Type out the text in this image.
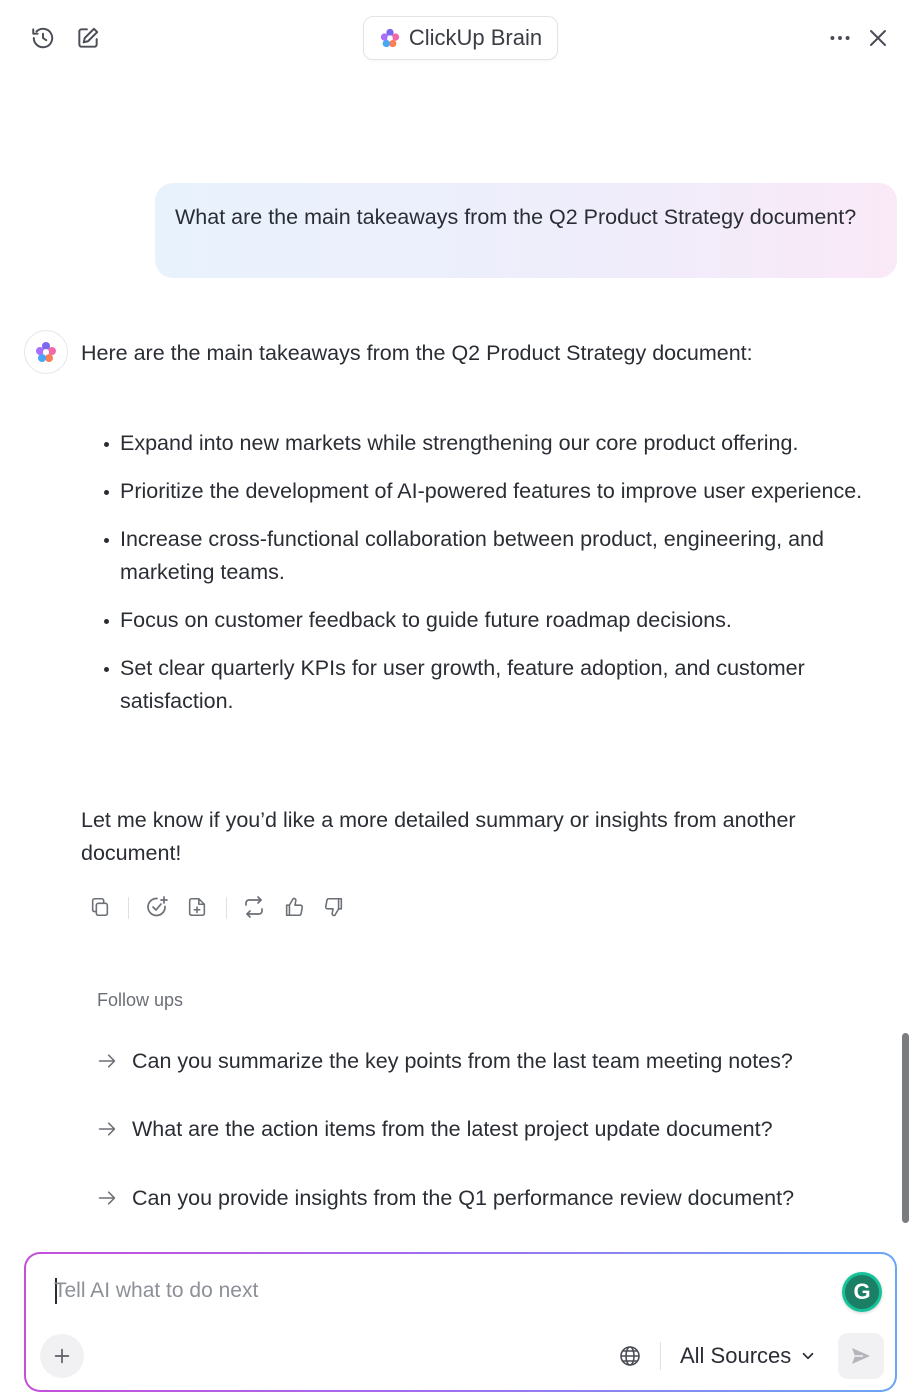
ClickUp Brain
What are the main takeaways from the Q2 Product Strategy document?
Here are the main takeaways from the Q2 Product Strategy document:
Expand into new markets while strengthening our core product offering.
Prioritize the development of AI-powered features to improve user experience.
Increase cross-functional collaboration between product, engineering, and marketing teams.
Focus on customer feedback to guide future roadmap decisions.
Set clear quarterly KPIs for user growth, feature adoption, and customer satisfaction.
Let me know if you’d like a more detailed summary or insights from another document!
Follow ups
Can you summarize the key points from the last team meeting notes?
What are the action items from the latest project update document?
Can you provide insights from the Q1 performance review document?
Tell AI what to do next
G
All Sources
